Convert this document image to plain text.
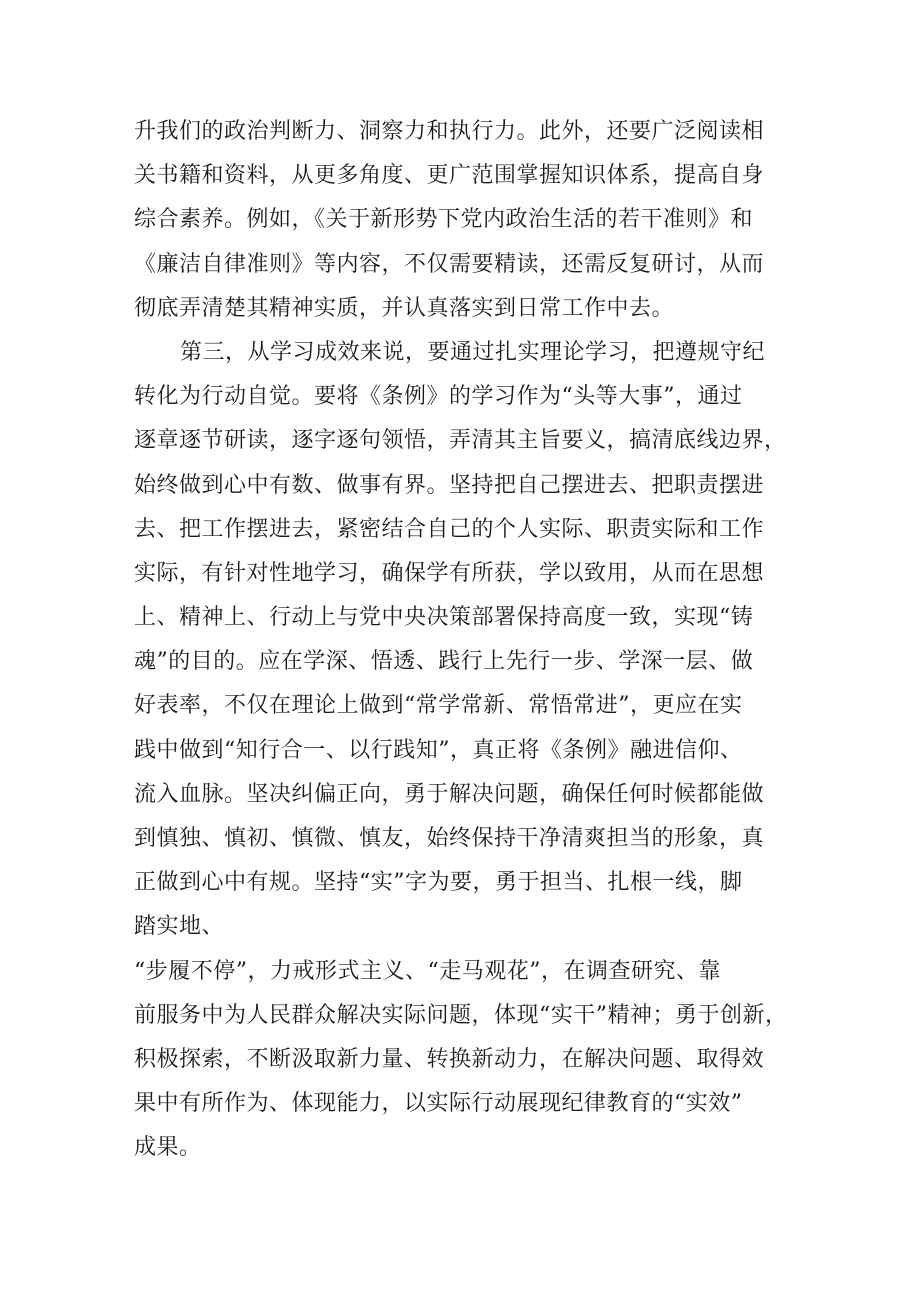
升我们的政治判断力、洞察力和执行力。此外，还要广泛阅读相
关书籍和资料，从更多角度、更广范围掌握知识体系，提高自身
综合素养。例如，《关于新形势下党内政治生活的若干准则》和
《廉洁自律准则》等内容，不仅需要精读，还需反复研讨，从而
彻底弄清楚其精神实质，并认真落实到日常工作中去。
第三，从学习成效来说，要通过扎实理论学习，把遵规守纪
转化为行动自觉。要将《条例》的学习作为“头等大事”，通过
逐章逐节研读，逐字逐句领悟，弄清其主旨要义，搞清底线边界，
始终做到心中有数、做事有界。坚持把自己摆进去、把职责摆进
去、把工作摆进去，紧密结合自己的个人实际、职责实际和工作
实际，有针对性地学习，确保学有所获，学以致用，从而在思想
上、精神上、行动上与党中央决策部署保持高度一致，实现“铸
魂”的目的。应在学深、悟透、践行上先行一步、学深一层、做
好表率，不仅在理论上做到“常学常新、常悟常进”，更应在实
践中做到“知行合一、以行践知”，真正将《条例》融进信仰、
流入血脉。坚决纠偏正向，勇于解决问题，确保任何时候都能做
到慎独、慎初、慎微、慎友，始终保持干净清爽担当的形象，真
正做到心中有规。坚持“实”字为要，勇于担当、扎根一线，脚
踏实地、
“步履不停”，力戒形式主义、“走马观花”，在调查研究、靠
前服务中为人民群众解决实际问题，体现“实干”精神；勇于创新，
积极探索，不断汲取新力量、转换新动力，在解决问题、取得效
果中有所作为、体现能力，以实际行动展现纪律教育的“实效”
成果。
